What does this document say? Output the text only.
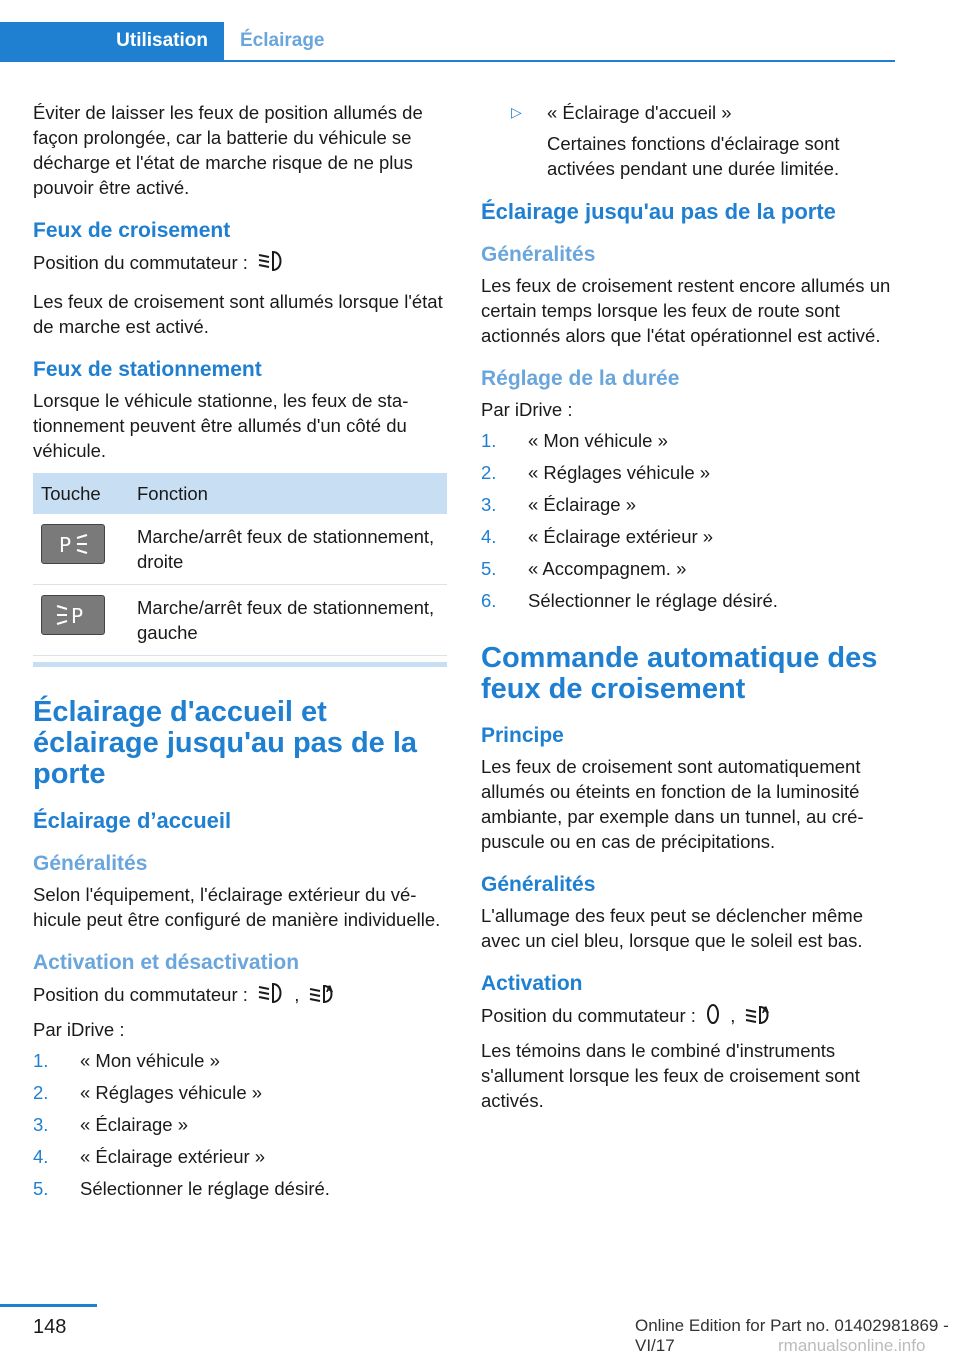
Utilisation	Éclairage

Éviter de laisser les feux de position allumés de façon prolongée, car la batterie du véhicule se décharge et l'état de marche risque de ne plus pouvoir être activé.

Feux de croisement

Position du commutateur :

Les feux de croisement sont allumés lorsque l'état de marche est activé.

Feux de stationnement

Lorsque le véhicule stationne, les feux de stationnement peuvent être allumés d'un côté du véhicule.

Touche	Fonction

P	Marche/arrêt feux de stationnement, droite

P	Marche/arrêt feux de stationnement, gauche
Éclairage d'accueil et éclairage jusqu'au pas de la porte
Éclairage d’accueil
Généralités

Selon l'équipement, l'éclairage extérieur du véhicule peut être configuré de manière individuelle.

Activation et désactivation

Position du commutateur :	,	A

Par iDrive :

1. « Mon véhicule »
2. « Réglages véhicule »
3. « Éclairage »
4. « Éclairage extérieur »
5. Sélectionner le réglage désiré.
▷ « Éclairage d'accueil »

Certaines fonctions d'éclairage sont activées pendant une durée limitée.

Éclairage jusqu'au pas de la porte
Généralités

Les feux de croisement restent encore allumés un certain temps lorsque les feux de route sont actionnés alors que l'état opérationnel est activé.

Réglage de la durée

Par iDrive :

1. « Mon véhicule »
2. « Réglages véhicule »
3. « Éclairage »
4. « Éclairage extérieur »
5. « Accompagnem. »
6. Sélectionner le réglage désiré.
Commande automatique des feux de croisement
Principe

Les feux de croisement sont automatiquement allumés ou éteints en fonction de la luminosité ambiante, par exemple dans un tunnel, au crépuscule ou en cas de précipitations.

Généralités

L'allumage des feux peut se déclencher même avec un ciel bleu, lorsque que le soleil est bas.

Activation

Position du commutateur : ,	A

Les témoins dans le combiné d'instruments s'allument lorsque les feux de croisement sont activés.

148	Online Edition for Part no. 01402981869 - VI/17	rmanualsonline.info
